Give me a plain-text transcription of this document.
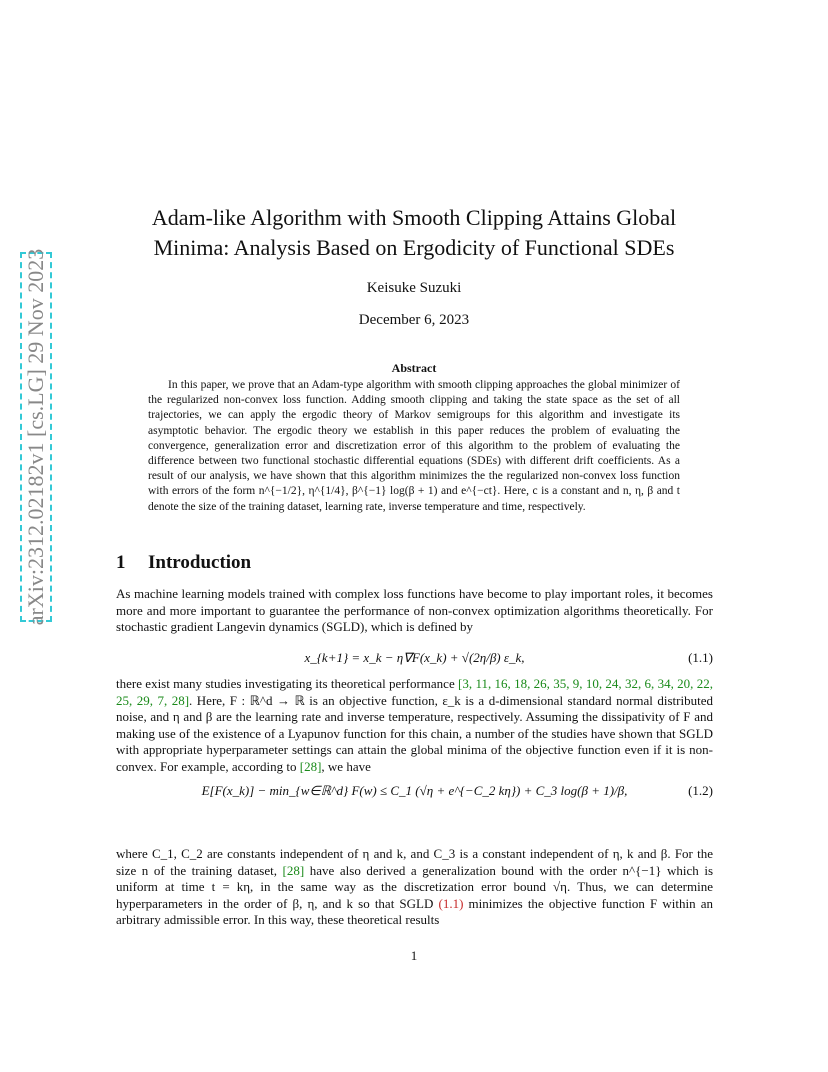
arXiv:2312.02182v1 [cs.LG] 29 Nov 2023
Adam-like Algorithm with Smooth Clipping Attains Global
Minima: Analysis Based on Ergodicity of Functional SDEs
Keisuke Suzuki
December 6, 2023
Abstract
In this paper, we prove that an Adam-type algorithm with smooth clipping approaches the global minimizer of the regularized non-convex loss function. Adding smooth clipping and taking the state space as the set of all trajectories, we can apply the ergodic theory of Markov semigroups for this algorithm and investigate its asymptotic behavior. The ergodic theory we establish in this paper reduces the problem of evaluating the convergence, generalization error and discretization error of this algorithm to the problem of evaluating the difference between two functional stochastic differential equations (SDEs) with different drift coefficients. As a result of our analysis, we have shown that this algorithm minimizes the the regularized non-convex loss function with errors of the form n^{−1/2}, η^{1/4}, β^{−1} log(β + 1) and e^{−ct}. Here, c is a constant and n, η, β and t denote the size of the training dataset, learning rate, inverse temperature and time, respectively.
1 Introduction
As machine learning models trained with complex loss functions have become to play important roles, it becomes more and more important to guarantee the performance of non-convex optimization algorithms theoretically. For stochastic gradient Langevin dynamics (SGLD), which is defined by
x_{k+1} = x_k − η∇F(x_k) + √(2η/β) ε_k,	(1.1)
there exist many studies investigating its theoretical performance [3, 11, 16, 18, 26, 35, 9, 10, 24, 32, 6, 34, 20, 22, 25, 29, 7, 28]. Here, F : ℝ^d → ℝ is an objective function, ε_k is a d-dimensional standard normal distributed noise, and η and β are the learning rate and inverse temperature, respectively. Assuming the dissipativity of F and making use of the existence of a Lyapunov function for this chain, a number of the studies have shown that SGLD with appropriate hyperparameter settings can attain the global minima of the objective function even if it is non-convex. For example, according to [28], we have
E[F(x_k)] − min_{w∈ℝ^d} F(w) ≤ C_1 (√η + e^{−C_2 kη}) + C_3 log(β + 1)/β,	(1.2)
where C_1, C_2 are constants independent of η and k, and C_3 is a constant independent of η, k and β. For the size n of the training dataset, [28] have also derived a generalization bound with the order n^{−1} which is uniform at time t = kη, in the same way as the discretization error bound √η. Thus, we can determine hyperparameters in the order of β, η, and k so that SGLD (1.1) minimizes the objective function F within an arbitrary admissible error. In this way, these theoretical results
1
